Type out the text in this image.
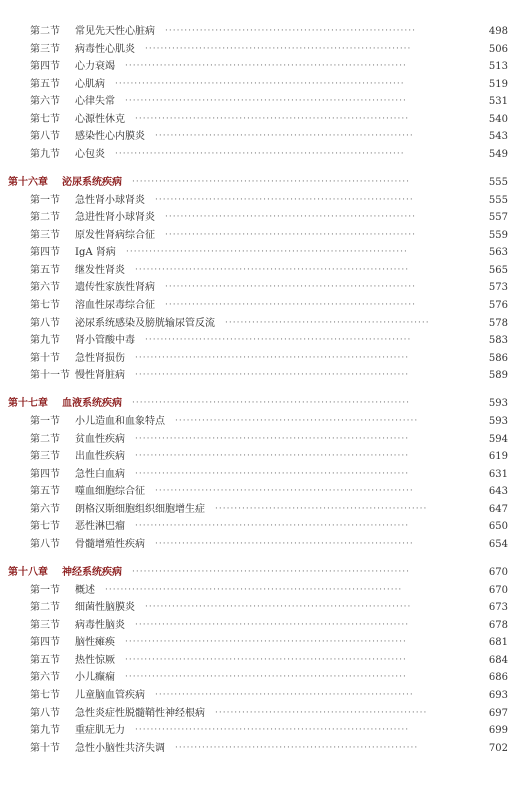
第二节 常见先天性心脏病 ·································································	498
第三节 病毒性心肌炎 ·····································································	506
第四节 心力衰竭 ·········································································	513
第五节 心肌病 ···········································································	519
第六节 心律失常 ·········································································	531
第七节 心源性休克 ·······································································	540
第八节 感染性心内膜炎 ···································································	543
第九节 心包炎 ···········································································	549
第十六章 泌尿系统疾病 ········································································	555
第一节 急性肾小球肾炎 ···································································	555
第二节 急进性肾小球肾炎 ·································································	557
第三节 原发性肾病综合征 ·································································	559
第四节 IgA 肾病 ·········································································	563
第五节 继发性肾炎 ·······································································	565
第六节 遗传性家族性肾病 ·································································	573
第七节 溶血性尿毒综合征 ·································································	576
第八节 泌尿系统感染及膀胱输尿管反流 ·····················································	578
第九节 肾小管酸中毒 ·····································································	583
第十节 急性肾损伤 ·······································································	586
第十一节 慢性肾脏病 ·······································································	589
第十七章 血液系统疾病 ········································································	593
第一节 小儿造血和血象特点 ·······························································	593
第二节 贫血性疾病 ·······································································	594
第三节 出血性疾病 ·······································································	619
第四节 急性白血病 ·······································································	631
第五节 噬血细胞综合征 ···································································	643
第六节 朗格汉斯细胞组织细胞增生症 ·······················································	647
第七节 恶性淋巴瘤 ·······································································	650
第八节 骨髓增殖性疾病 ···································································	654
第十八章 神经系统疾病 ········································································	670
第一节 概述 ·············································································	670
第二节 细菌性脑膜炎 ·····································································	673
第三节 病毒性脑炎 ·······································································	678
第四节 脑性瘫痪 ·········································································	681
第五节 热性惊厥 ·········································································	684
第六节 小儿癫痫 ·········································································	686
第七节 儿童脑血管疾病 ···································································	693
第八节 急性炎症性脱髓鞘性神经根病 ·······················································	697
第九节 重症肌无力 ·······································································	699
第十节 急性小脑性共济失调 ·······························································	702
